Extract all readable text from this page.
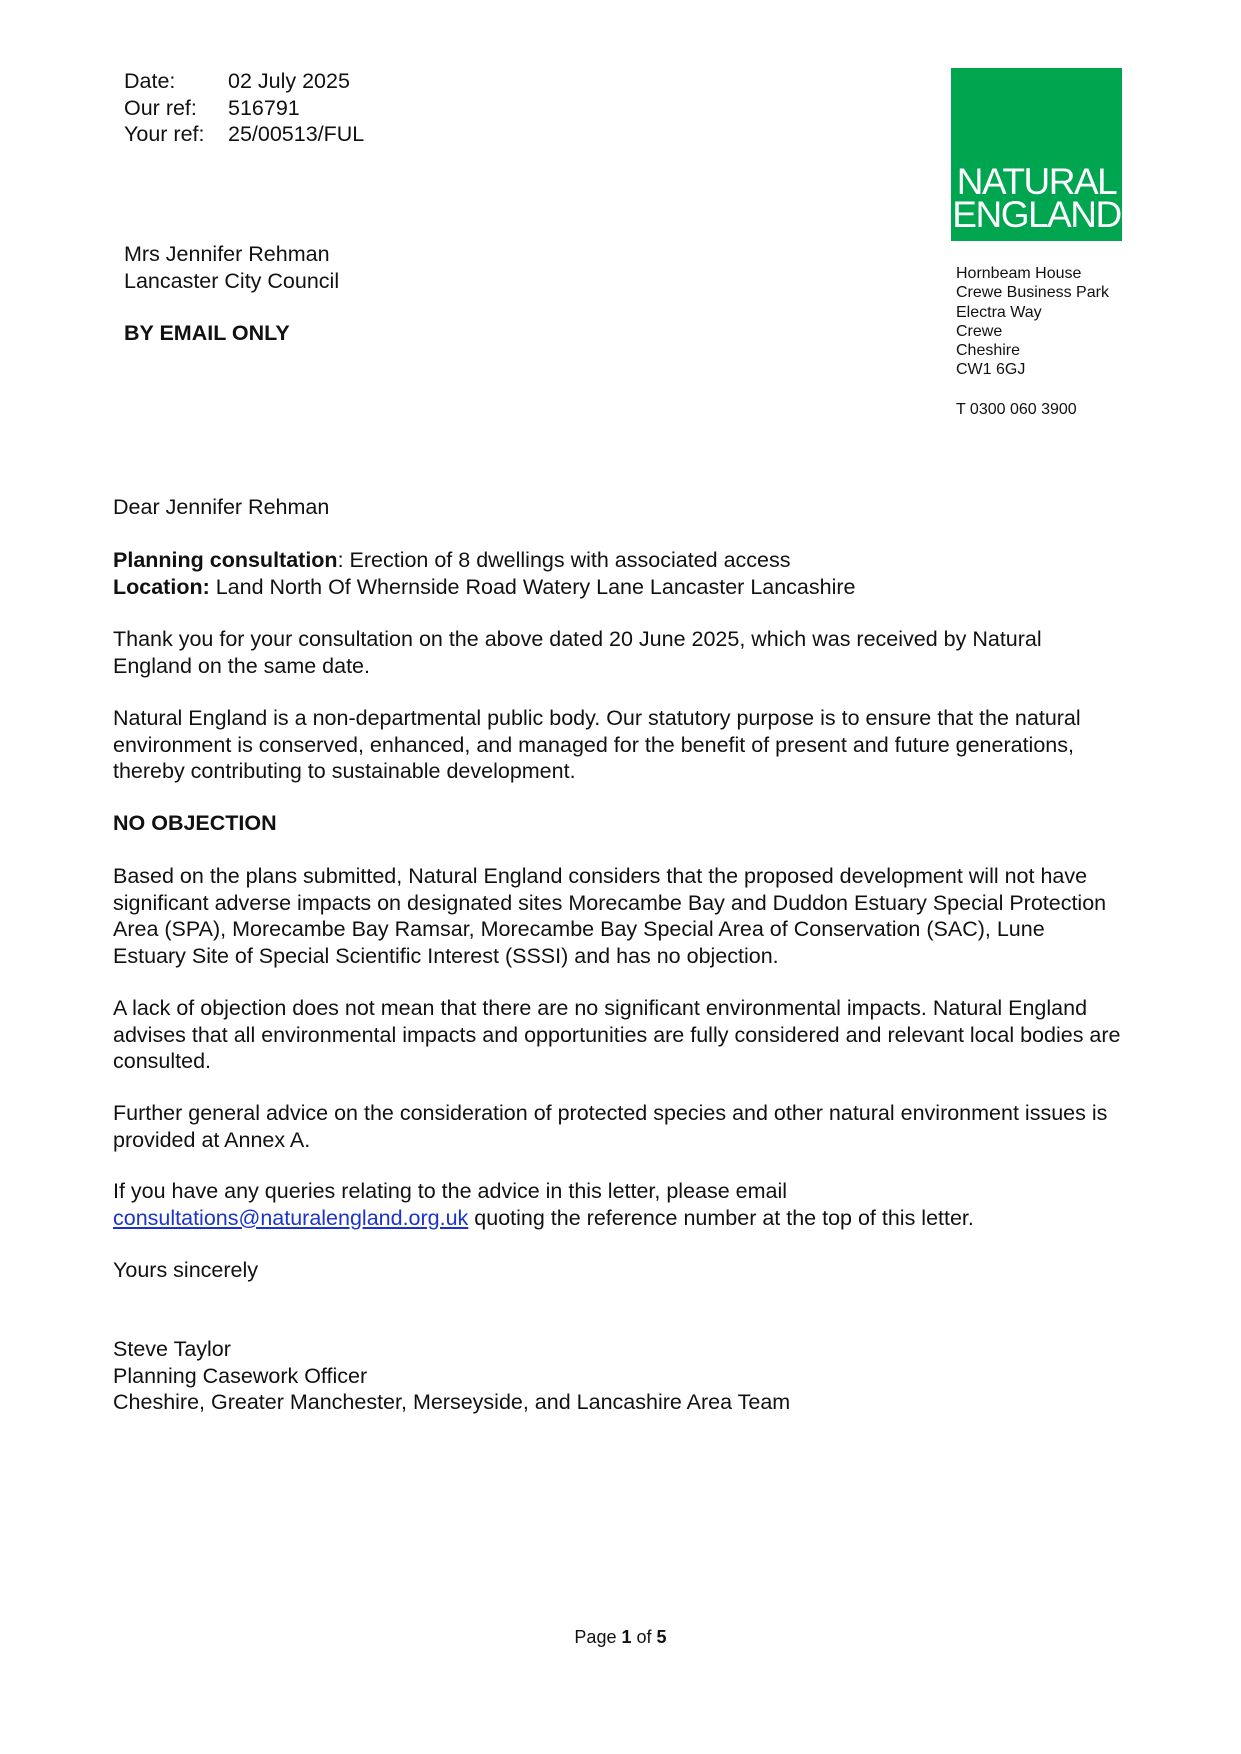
Date:	02 July 2025
Our ref:	516791
Your ref:	25/00513/FUL
Mrs Jennifer Rehman
Lancaster City Council
BY EMAIL ONLY
NATURAL
ENGLAND
Hornbeam House
Crewe Business Park
Electra Way
Crewe
Cheshire
CW1 6GJ
T 0300 060 3900
Dear Jennifer Rehman
Planning consultation: Erection of 8 dwellings with associated access
Location: Land North Of Whernside Road Watery Lane Lancaster Lancashire
Thank you for your consultation on the above dated 20 June 2025, which was received by Natural England on the same date.
Natural England is a non-departmental public body. Our statutory purpose is to ensure that the natural environment is conserved, enhanced, and managed for the benefit of present and future generations, thereby contributing to sustainable development.
NO OBJECTION
Based on the plans submitted, Natural England considers that the proposed development will not have significant adverse impacts on designated sites Morecambe Bay and Duddon Estuary Special Protection Area (SPA), Morecambe Bay Ramsar, Morecambe Bay Special Area of Conservation (SAC), Lune Estuary Site of Special Scientific Interest (SSSI) and has no objection.
A lack of objection does not mean that there are no significant environmental impacts. Natural England advises that all environmental impacts and opportunities are fully considered and relevant local bodies are consulted.
Further general advice on the consideration of protected species and other natural environment issues is provided at Annex A.
If you have any queries relating to the advice in this letter, please email
consultations@naturalengland.org.uk quoting the reference number at the top of this letter.
Yours sincerely
Steve Taylor
Planning Casework Officer
Cheshire, Greater Manchester, Merseyside, and Lancashire Area Team
Page 1 of 5
